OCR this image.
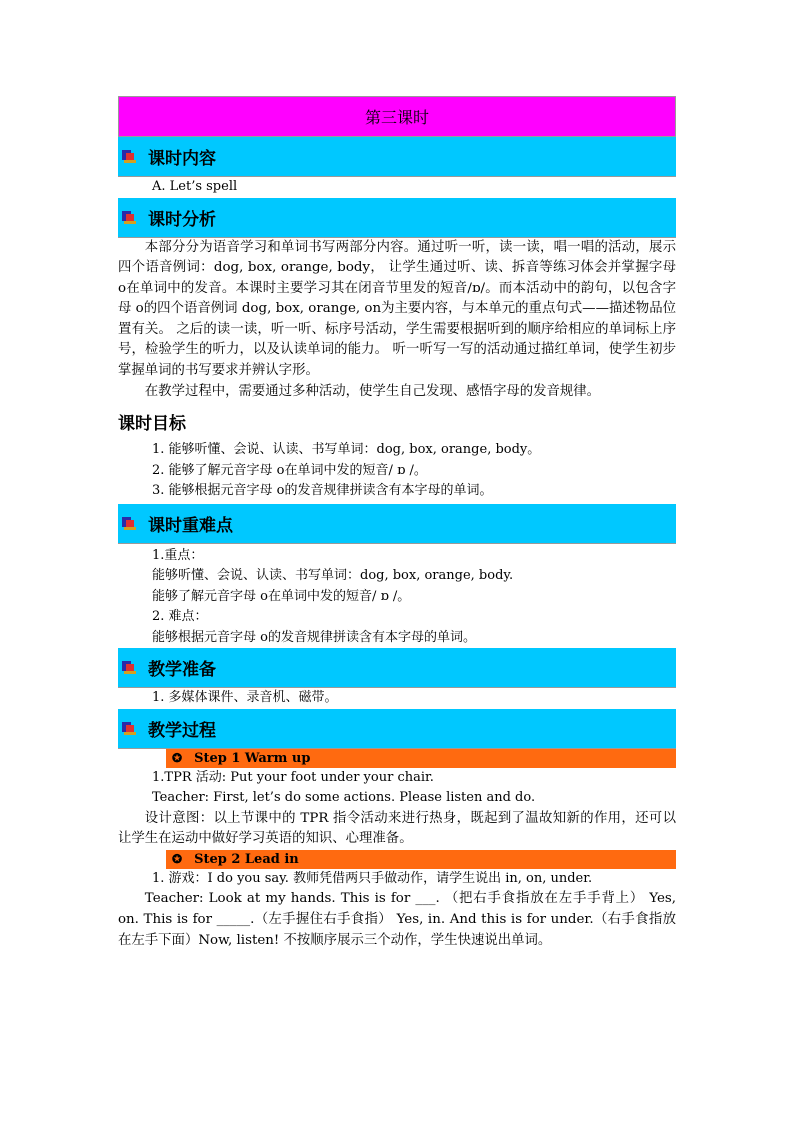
第三课时
课时内容
A. Let’s spell
课时分析
本部分分为语音学习和单词书写两部分内容。通过听一听，读一读，唱一唱的活动，展示四个语音例词：dog, box, orange, body， 让学生通过听、读、拆音等练习体会并掌握字母 o在单词中的发音。本课时主要学习其在闭音节里发的短音/ɒ/。而本活动中的韵句，以包含字母 o的四个语音例词 dog, box, orange, on为主要内容，与本单元的重点句式——描述物品位置有关。 之后的读一读，听一听、标序号活动，学生需要根据听到的顺序给相应的单词标上序号，检验学生的听力，以及认读单词的能力。 听一听写一写的活动通过描红单词，使学生初步掌握单词的书写要求并辨认字形。
在教学过程中，需要通过多种活动，使学生自己发现、感悟字母的发音规律。
课时目标
1. 能够听懂、会说、认读、书写单词：dog, box, orange, body。
2. 能够了解元音字母 o在单词中发的短音/ ɒ /。
3. 能够根据元音字母 o的发音规律拼读含有本字母的单词。
课时重难点
1.重点：
能够听懂、会说、认读、书写单词：dog, box, orange, body.
能够了解元音字母 o在单词中发的短音/ ɒ /。
2. 难点：
能够根据元音字母 o的发音规律拼读含有本字母的单词。
教学准备
1. 多媒体课件、录音机、磁带。
教学过程
✪ Step 1 Warm up
1.TPR 活动: Put your foot under your chair.
Teacher: First, let’s do some actions. Please listen and do.
设计意图：以上节课中的 TPR 指令活动来进行热身，既起到了温故知新的作用，还可以让学生在运动中做好学习英语的知识、心理准备。
✪ Step 2 Lead in
1. 游戏：I do you say. 教师凭借两只手做动作，请学生说出 in, on, under.
Teacher: Look at my hands. This is for ___. （把右手食指放在左手手背上） Yes, on. This is for _____.（左手握住右手食指） Yes, in. And this is for under.（右手食指放在左手下面）Now, listen! 不按顺序展示三个动作，学生快速说出单词。
